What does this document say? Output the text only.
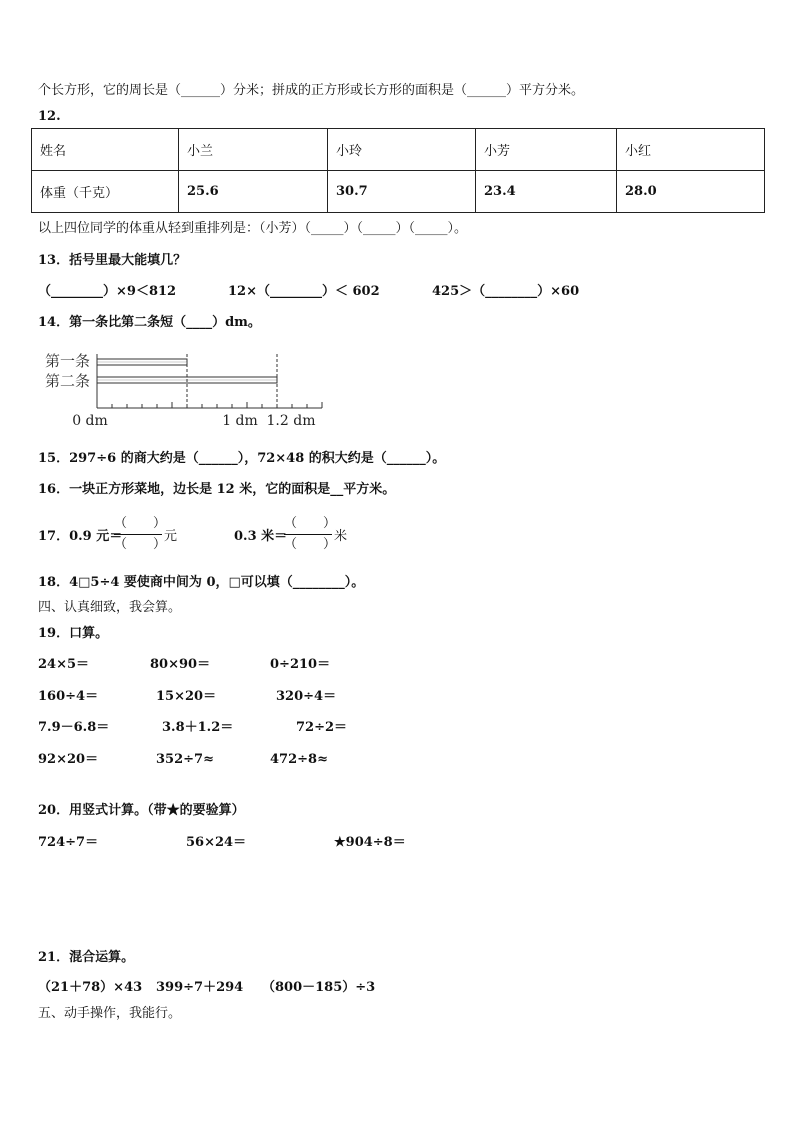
个长方形，它的周长是（______）分米；拼成的正方形或长方形的面积是（______）平方分米。
12.
姓名	小兰	小玲	小芳	小红
体重（千克）	25.6	30.7	23.4	28.0
以上四位同学的体重从轻到重排列是：（小芳）（_____）（_____）（_____）。
13．括号里最大能填几？
（________）×9＜812	12×（________）＜ 602	425＞（________）×60
14．第一条比第二条短（____）dm。
第一条
第二条
0 dm	1 dm 1.2 dm
15．297÷6 的商大约是（______），72×48 的积大约是（______）。
16．一块正方形菜地，边长是 12 米，它的面积是__平方米。
17．0.9 元＝
（　　）
（　　）
元	0.3 米＝
（　　）
（　　）
米
18．4□5÷4 要使商中间为 0，□可以填（________）。
四、认真细致，我会算。
19．口算。
24×5＝	80×90＝	0÷210＝
160÷4＝	15×20＝	320÷4＝
7.9－6.8＝	3.8＋1.2＝	72÷2＝
92×20＝	352÷7≈	472÷8≈
20．用竖式计算。（带★的要验算）
724÷7＝	56×24＝	★904÷8＝
21．混合运算。
（21＋78）×43 399÷7＋294 （800－185）÷3
五、动手操作，我能行。
